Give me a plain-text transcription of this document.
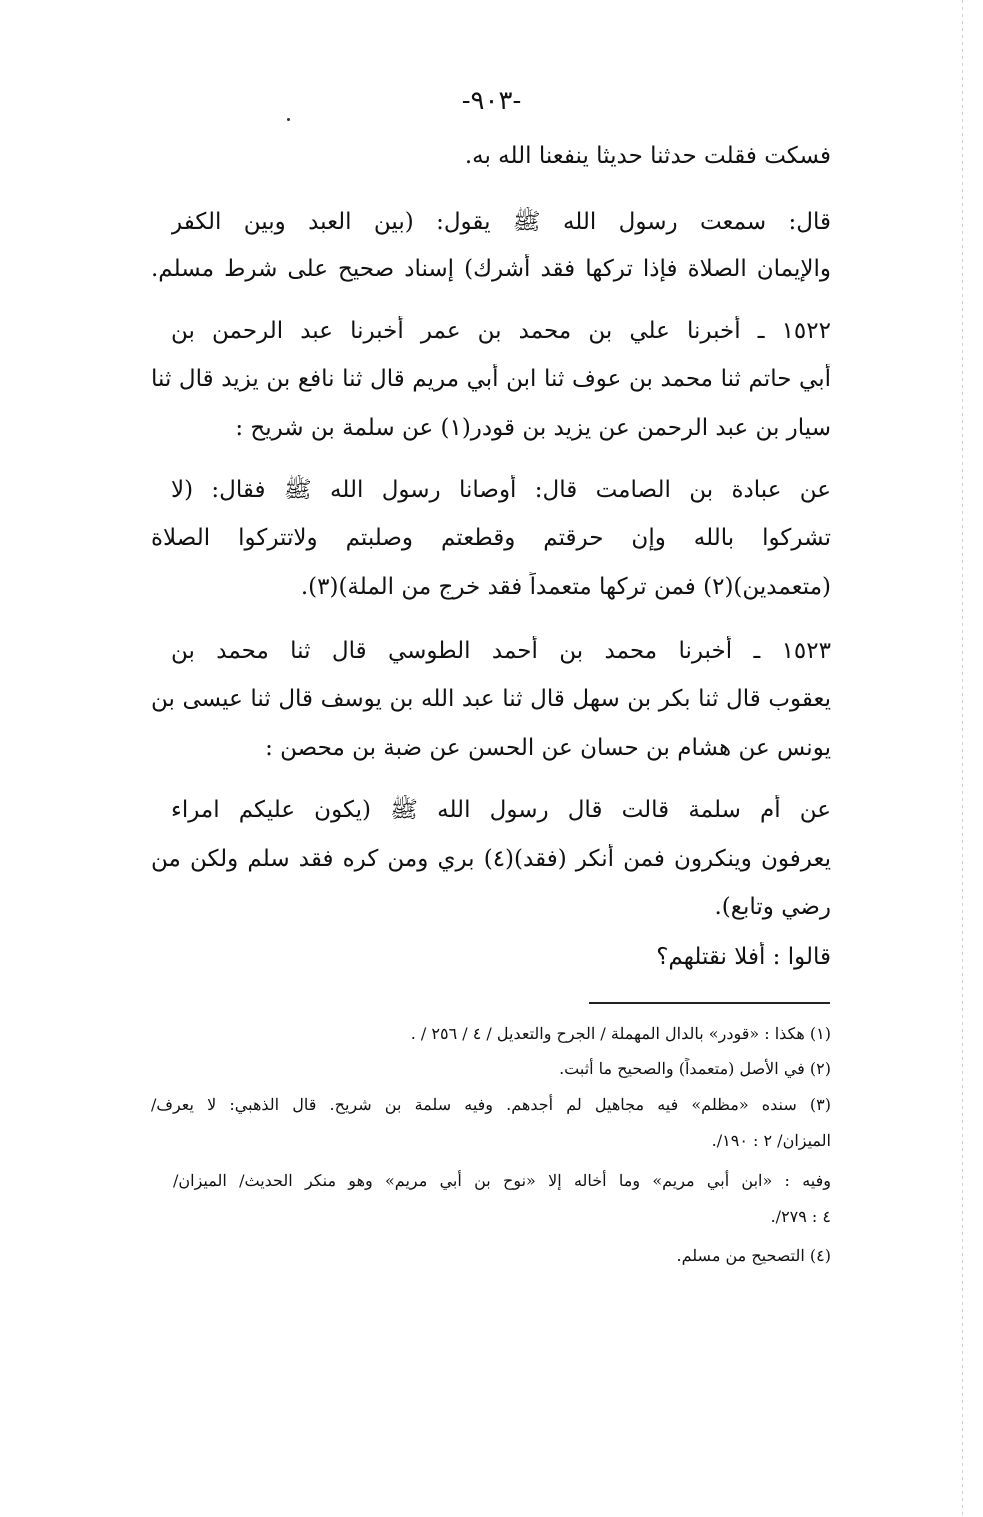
-٩٠٣-
فسكت فقلت حدثنا حديثا ينفعنا الله به.
قال: سمعت رسول الله ﷺ يقول: (بين العبد وبين الكفر
والإيمان الصلاة فإذا تركها فقد أشرك) إسناد صحيح على شرط مسلم.
١٥٢٢ ـ أخبرنا علي بن محمد بن عمر أخبرنا عبد الرحمن بن
أبي حاتم ثنا محمد بن عوف ثنا ابن أبي مريم قال ثنا نافع بن يزيد قال ثنا
سيار بن عبد الرحمن عن يزيد بن قودر(١) عن سلمة بن شريح :
عن عبادة بن الصامت قال: أوصانا رسول الله ﷺ فقال: (لا
تشركوا بالله وإن حرقتم وقطعتم وصلبتم ولاتتركوا الصلاة
(متعمدين)(٢) فمن تركها متعمداً فقد خرج من الملة)(٣).
١٥٢٣ ـ أخبرنا محمد بن أحمد الطوسي قال ثنا محمد بن
يعقوب قال ثنا بكر بن سهل قال ثنا عبد الله بن يوسف قال ثنا عيسى بن
يونس عن هشام بن حسان عن الحسن عن ضبة بن محصن :
عن أم سلمة قالت قال رسول الله ﷺ (يكون عليكم امراء
يعرفون وينكرون فمن أنكر (فقد)(٤) بري ومن كره فقد سلم ولكن من
رضي وتابع).
قالوا : أفلا نقتلهم؟
(١) هكذا : «قودر» بالدال المهملة / الجرح والتعديل / ٤ / ٢٥٦ / .
(٢) في الأصل (متعمداً) والصحيح ما أثبت.
(٣) سنده «مظلم» فيه مجاهيل لم أجدهم. وفيه سلمة بن شريح. قال الذهبي: لا يعرف/
الميزان/ ٢ : ١٩٠/.
وفيه : «ابن أبي مريم» وما أخاله إلا «نوح بن أبي مريم» وهو منكر الحديث/ الميزان/
٤ : ٢٧٩/.
(٤) التصحيح من مسلم.
